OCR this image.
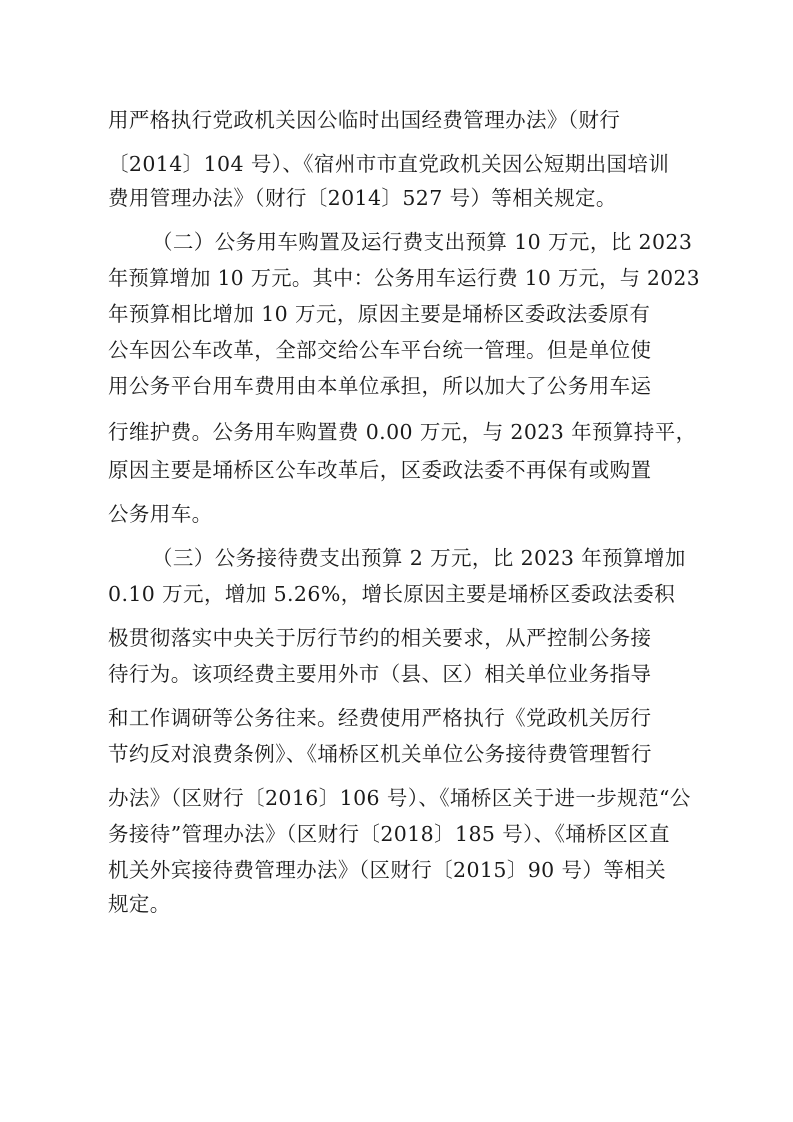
用严格执行党政机关因公临时出国经费管理办法》（财行
〔2014〕104 号）、《宿州市市直党政机关因公短期出国培训
费用管理办法》（财行〔2014〕527 号）等相关规定。
（二）公务用车购置及运行费支出预算 10 万元，比 2023
年预算增加 10 万元。其中：公务用车运行费 10 万元，与 2023
年预算相比增加 10 万元，原因主要是埇桥区委政法委原有
公车因公车改革，全部交给公车平台统一管理。但是单位使
用公务平台用车费用由本单位承担，所以加大了公务用车运
行维护费。公务用车购置费 0.00 万元，与 2023 年预算持平，
原因主要是埇桥区公车改革后，区委政法委不再保有或购置
公务用车。
（三）公务接待费支出预算 2 万元，比 2023 年预算增加
0.10 万元，增加 5.26%，增长原因主要是埇桥区委政法委积
极贯彻落实中央关于厉行节约的相关要求，从严控制公务接
待行为。该项经费主要用外市（县、区）相关单位业务指导
和工作调研等公务往来。经费使用严格执行《党政机关厉行
节约反对浪费条例》、《埇桥区机关单位公务接待费管理暂行
办法》（区财行〔2016〕106 号）、《埇桥区关于进一步规范“公
务接待”管理办法》（区财行〔2018〕185 号）、《埇桥区区直
机关外宾接待费管理办法》（区财行〔2015〕90 号）等相关
规定。
